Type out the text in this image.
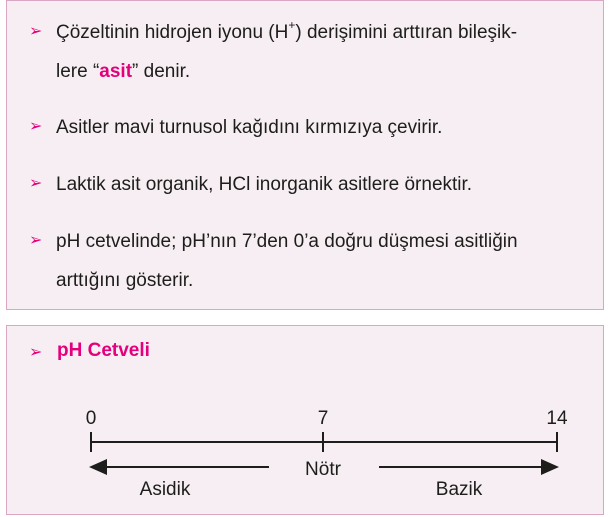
➢ Çözeltinin hidrojen iyonu (H+) derişimini arttıran bileşik-
lere “asit” denir.
➢ Asitler mavi turnusol kağıdını kırmızıya çevirir.
➢ Laktik asit organik, HCl inorganik asitlere örnektir.
➢ pH cetvelinde; pH’nın 7’den 0’a doğru düşmesi asitliğin
arttığını gösterir.
➢ pH Cetveli
0	7	14
Nötr
Asidik	Bazik
